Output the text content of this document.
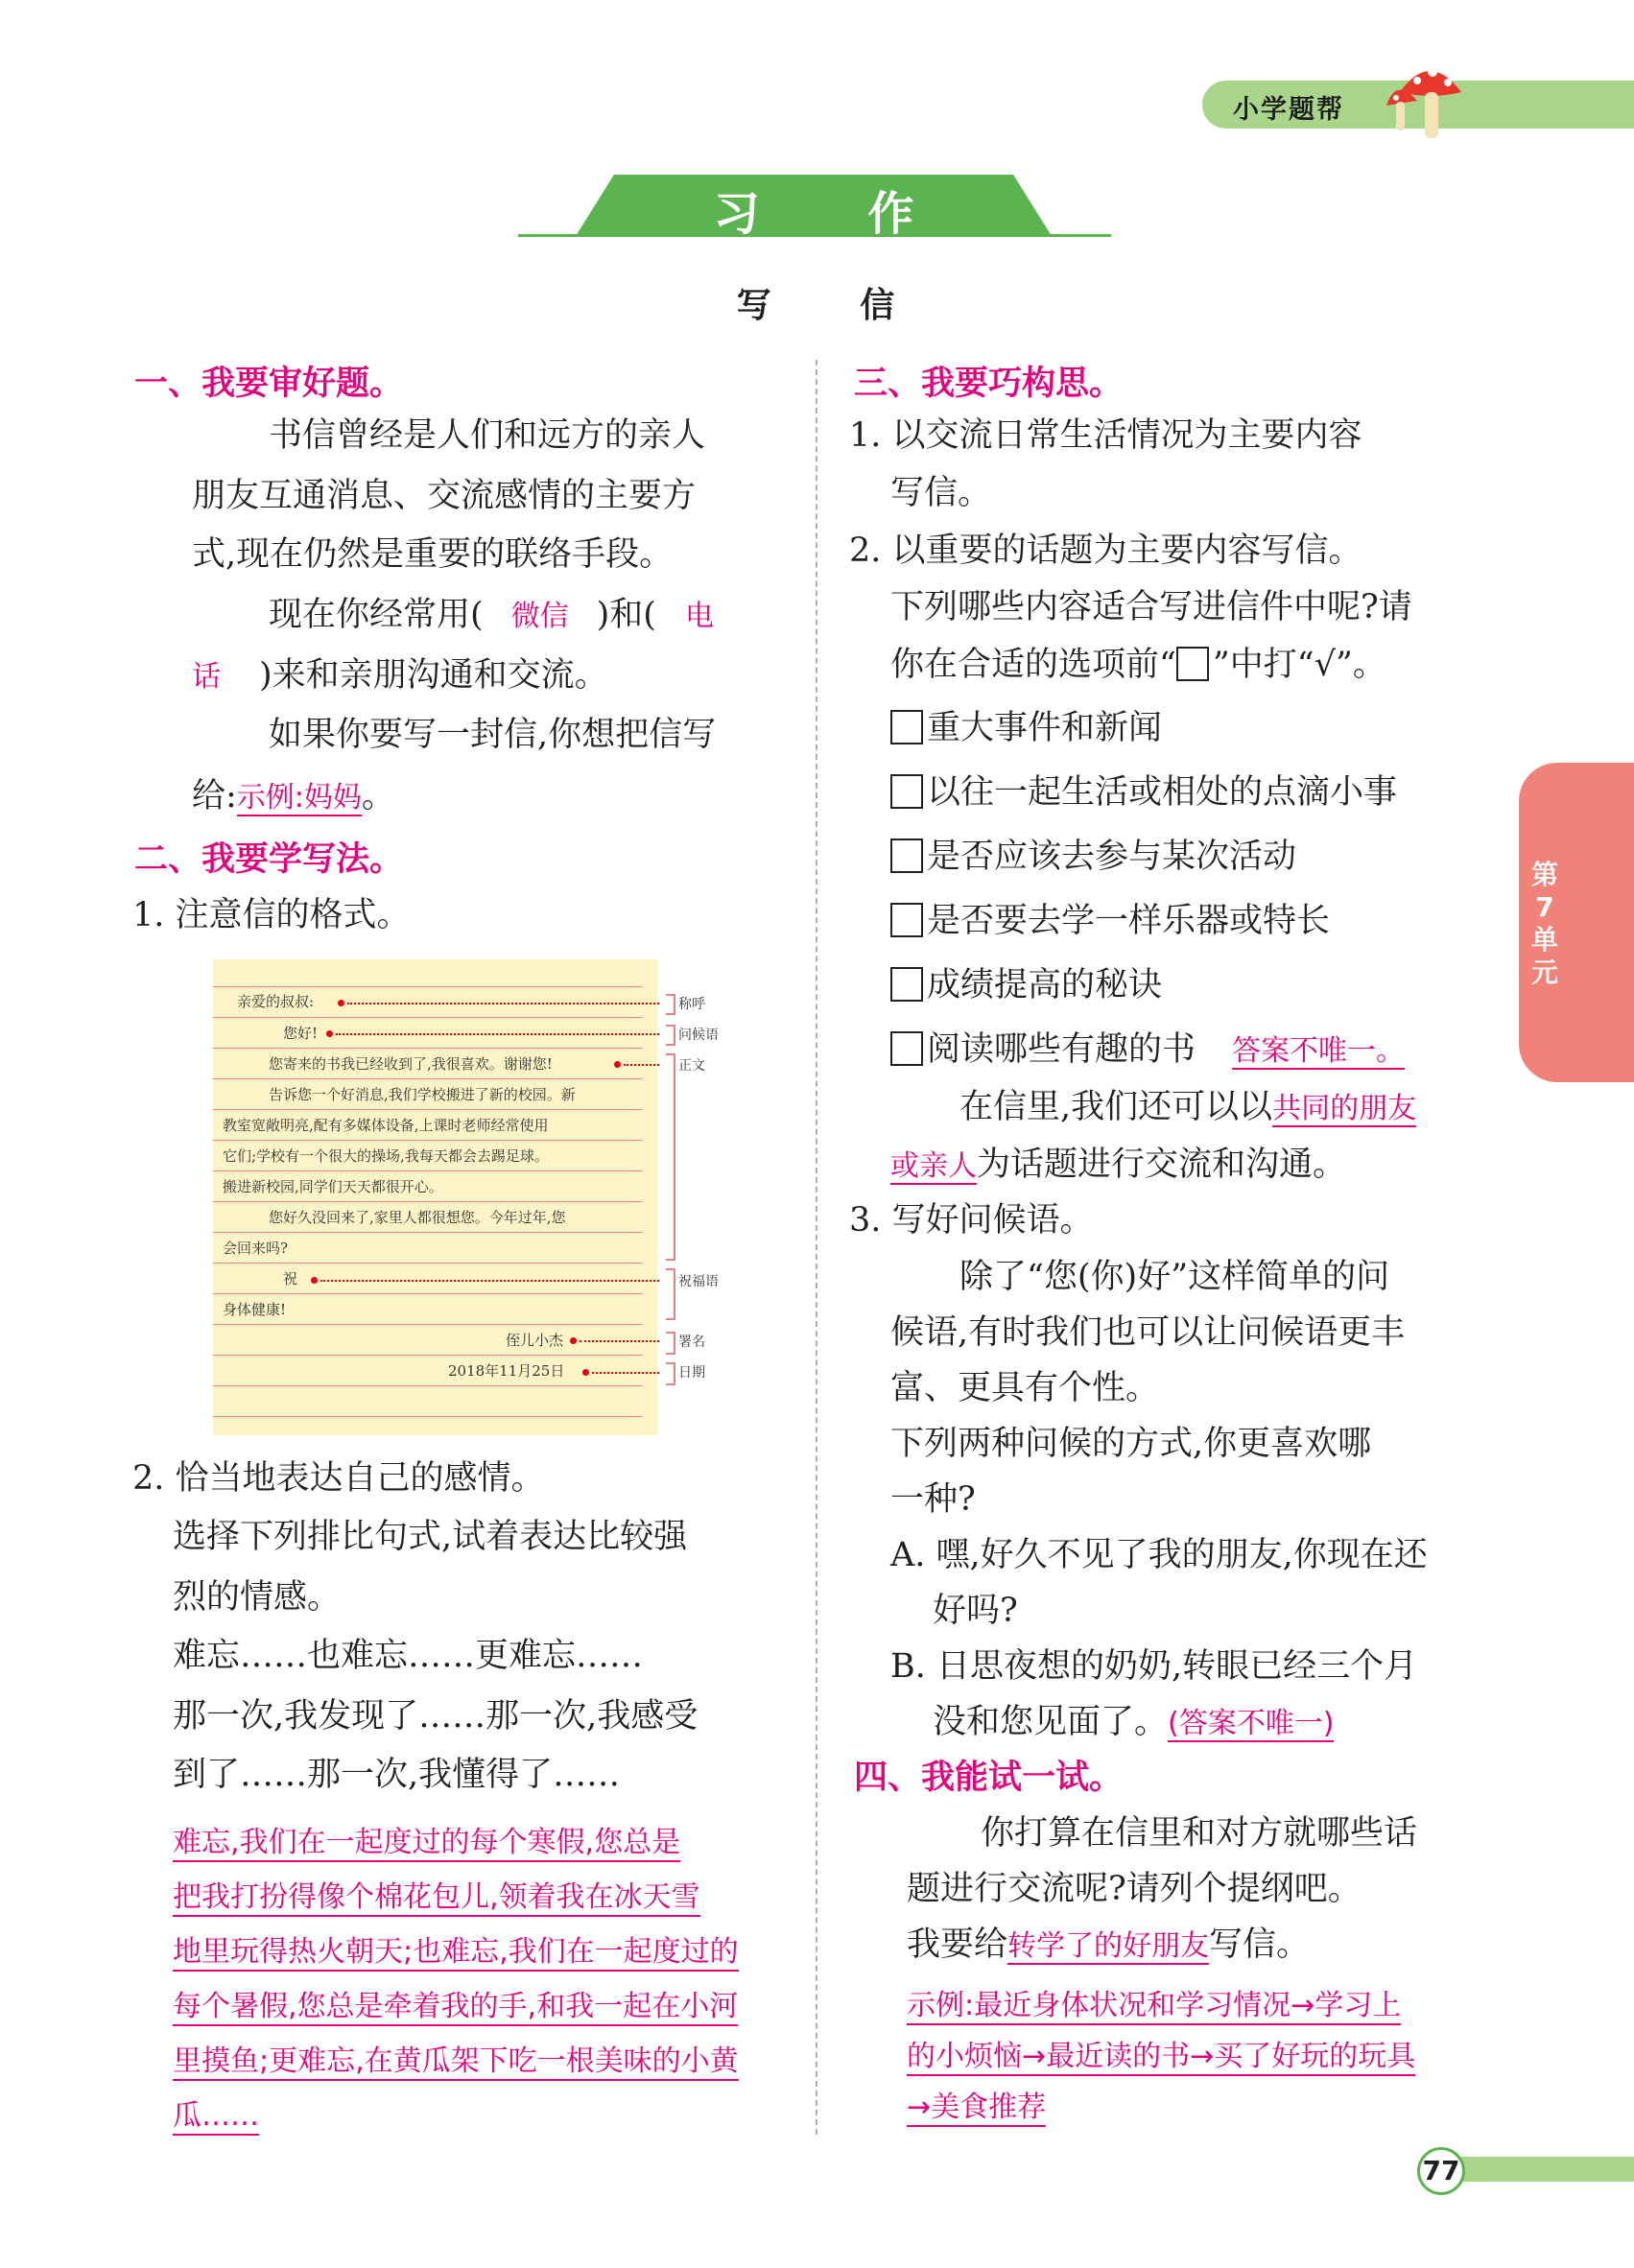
小学题帮
习 作
写 信
第7单元
一、我要审好题。
书信曾经是人们和远方的亲人
朋友互通消息、交流感情的主要方
式,现在仍然是重要的联络手段。
现在你经常用( 微信 )和( 电
话 )来和亲朋沟通和交流。
如果你要写一封信,你想把信写
给:示例:妈妈。
二、我要学写法。
1. 注意信的格式。
亲爱的叔叔:
您好!
您寄来的书我已经收到了,我很喜欢。谢谢您!
告诉您一个好消息,我们学校搬进了新的校园。新
教室宽敞明亮,配有多媒体设备,上课时老师经常使用
它们;学校有一个很大的操场,我每天都会去踢足球。
搬进新校园,同学们天天都很开心。
您好久没回来了,家里人都很想您。今年过年,您
会回来吗?
祝
身体健康!
侄儿小杰
2018年11月25日
称呼
问候语
正文
祝福语
署名
日期
2. 恰当地表达自己的感情。
选择下列排比句式,试着表达比较强
烈的情感。
难忘……也难忘……更难忘……
那一次,我发现了……那一次,我感受
到了……那一次,我懂得了……
难忘,我们在一起度过的每个寒假,您总是
把我打扮得像个棉花包儿,领着我在冰天雪
地里玩得热火朝天;也难忘,我们在一起度过的
每个暑假,您总是牵着我的手,和我一起在小河
里摸鱼;更难忘,在黄瓜架下吃一根美味的小黄
瓜……
三、我要巧构思。
1. 以交流日常生活情况为主要内容
写信。
2. 以重要的话题为主要内容写信。
下列哪些内容适合写进信件中呢?请
你在合适的选项前“ ”中打“√”。
重大事件和新闻
以往一起生活或相处的点滴小事
是否应该去参与某次活动
是否要去学一样乐器或特长
成绩提高的秘诀
阅读哪些有趣的书 答案不唯一。
在信里,我们还可以以共同的朋友
或亲人为话题进行交流和沟通。
3. 写好问候语。
除了“您(你)好”这样简单的问
候语,有时我们也可以让问候语更丰
富、更具有个性。
下列两种问候的方式,你更喜欢哪
一种?
A. 嘿,好久不见了我的朋友,你现在还
好吗?
B. 日思夜想的奶奶,转眼已经三个月
没和您见面了。(答案不唯一)
四、我能试一试。
你打算在信里和对方就哪些话
题进行交流呢?请列个提纲吧。
我要给转学了的好朋友写信。
示例:最近身体状况和学习情况→学习上
的小烦恼→最近读的书→买了好玩的玩具
→美食推荐
77
